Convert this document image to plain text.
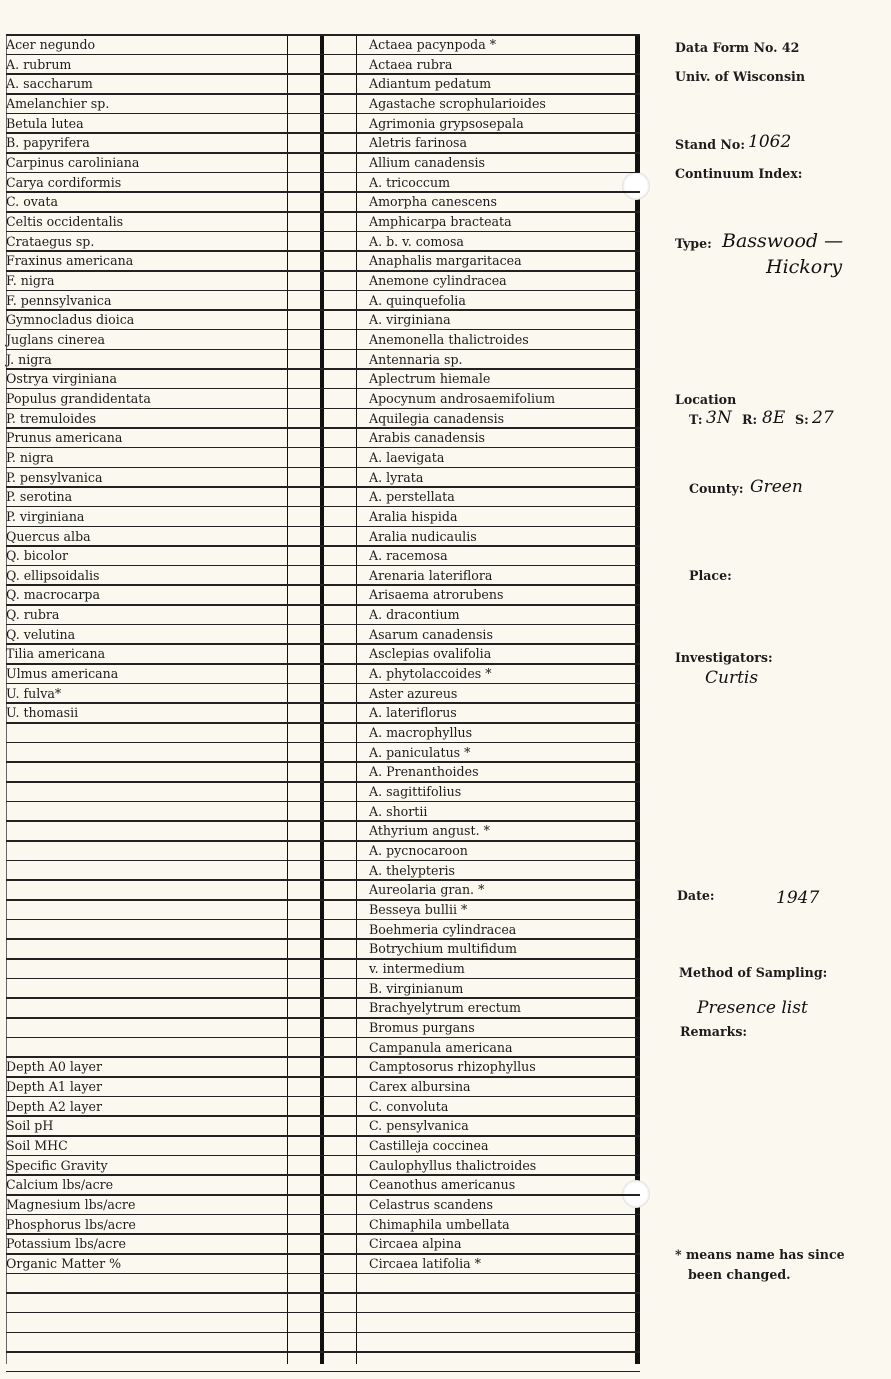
Data Form No. 42
Univ. of Wisconsin
Stand No: 1062
Continuum Index:
Type: Basswood —
Hickory
Location
T: 3N R: 8E S: 27
County: Green
Place:
Investigators:
Curtis
Date:	1947
Method of Sampling:
Presence list
Remarks:
* means name has since
been changed.
Acer negundo
A. rubrum
A. saccharum
Amelanchier sp.
Betula lutea
B. papyrifera
Carpinus caroliniana
Carya cordiformis
C. ovata
Celtis occidentalis
Crataegus sp.
Fraxinus americana
F. nigra
F. pennsylvanica
Gymnocladus dioica
Juglans cinerea
J. nigra
Ostrya virginiana
Populus grandidentata
P. tremuloides
Prunus americana
P. nigra
P. pensylvanica
P. serotina
P. virginiana
Quercus alba
Q. bicolor
Q. ellipsoidalis
Q. macrocarpa
Q. rubra
Q. velutina
Tilia americana
Ulmus americana
U. fulva*
U. thomasii
Depth A0 layer
Depth A1 layer
Depth A2 layer
Soil pH
Soil MHC
Specific Gravity
Calcium lbs/acre
Magnesium lbs/acre
Phosphorus lbs/acre
Potassium lbs/acre
Organic Matter %
Actaea pacynpoda *
Actaea rubra
Adiantum pedatum
Agastache scrophularioides
Agrimonia grypsosepala
Aletris farinosa
Allium canadensis
A. tricoccum
Amorpha canescens
Amphicarpa bracteata
A. b. v. comosa
Anaphalis margaritacea
Anemone cylindracea
A. quinquefolia
A. virginiana
Anemonella thalictroides
Antennaria sp.
Aplectrum hiemale
Apocynum androsaemifolium
Aquilegia canadensis
Arabis canadensis
A. laevigata
A. lyrata
A. perstellata
Aralia hispida
Aralia nudicaulis
A. racemosa
Arenaria lateriflora
Arisaema atrorubens
A. dracontium
Asarum canadensis
Asclepias ovalifolia
A. phytolaccoides *
Aster azureus
A. lateriflorus
A. macrophyllus
A. paniculatus *
A. Prenanthoides
A. sagittifolius
A. shortii
Athyrium angust. *
A. pycnocaroon
A. thelypteris
Aureolaria gran. *
Besseya bullii *
Boehmeria cylindracea
Botrychium multifidum
v. intermedium
B. virginianum
Brachyelytrum erectum
Bromus purgans
Campanula americana
Camptosorus rhizophyllus
Carex albursina
C. convoluta
C. pensylvanica
Castilleja coccinea
Caulophyllus thalictroides
Ceanothus americanus
Celastrus scandens
Chimaphila umbellata
Circaea alpina
Circaea latifolia *
